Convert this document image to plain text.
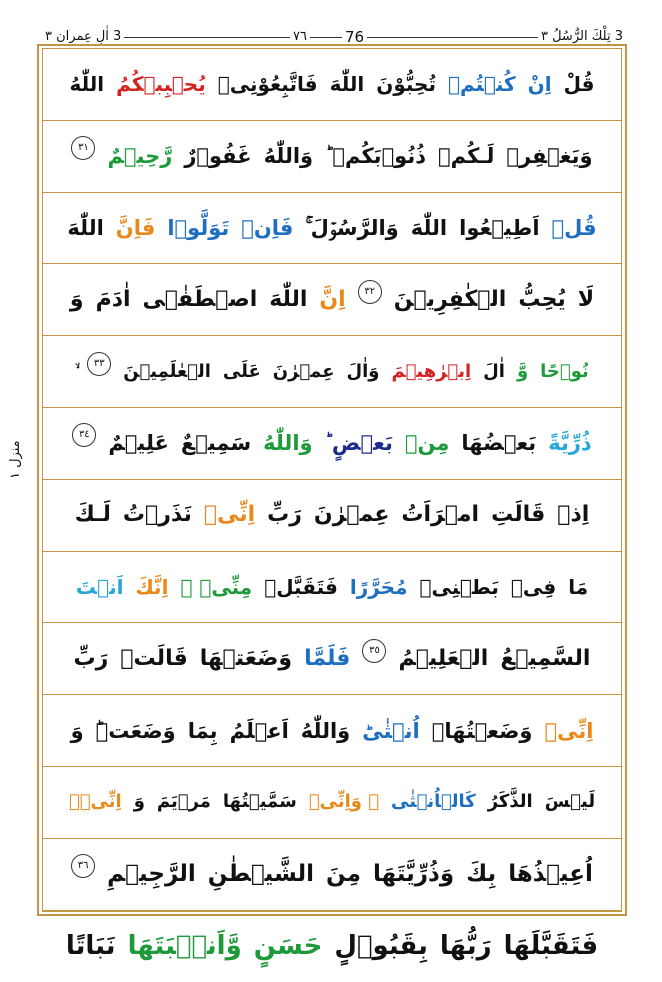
3 اٰلِ عِمران ٣	٧٦	76	3 تِلْكَ الرُّسُلُ ٣
منزل ١
قُلْ
اِنْ
كُنۡتُمۡ
تُحِبُّوْنَ
اللّٰهَ
فَاتَّبِعُوْنِىۡ
يُحۡبِبۡكُمُ
اللّٰهُ
وَيَغۡفِرۡ
لَـكُمۡ
ذُنُوۡبَكُمۡ ؕ
وَاللّٰهُ
غَفُوۡرٌ
رَّحِيۡمٌ
٣١
قُلۡ
اَطِيۡعُوا
اللّٰهَ
وَالرَّسُوۡلَ ۚ
فَاِنۡ
تَوَلَّوۡا
فَاِنَّ
اللّٰهَ
لَا
يُحِبُّ
الۡكٰفِرِيۡنَ
٣٢
اِنَّ
اللّٰهَ
اصۡطَفٰۤى
اٰدَمَ
وَ
نُوۡحًا
وَّ
اٰلَ
اِبۡرٰهِيۡمَ
وَاٰلَ
عِمۡرٰنَ
عَلَى
الۡعٰلَمِيۡنَ
٣٣
ذُرِّيَّةً
بَعۡضُهَا
مِنۡ
بَعۡضٍ ؕ
وَاللّٰهُ
سَمِيۡعٌ
عَلِيۡمٌ
٣٤
اِذۡ
قَالَتِ
امۡرَاَتُ
عِمۡرٰنَ
رَبِّ
اِنِّىۡ
نَذَرۡتُ
لَـكَ
مَا
فِىۡ
بَطۡنِىۡ
مُحَرَّرًا
فَتَقَبَّلۡ
مِنِّىۡ ۚ
اِنَّكَ
اَنۡتَ
السَّمِيۡعُ
الۡعَلِيۡمُ
٣٥
فَلَمَّا
وَضَعَتۡهَا
قَالَتۡ
رَبِّ
اِنِّىۡ
وَضَعۡتُهَاۤ
اُنۡثٰىؕ
وَاللّٰهُ
اَعۡلَمُ
بِمَا
وَضَعَتۡؕ
وَ
لَيۡسَ
الذَّكَرُ
كَالۡاُنۡثٰى
ۚ وَاِنِّىۡ
سَمَّيۡتُهَا
مَرۡيَمَ
وَ
اِنِّىۡۤ
اُعِيۡذُهَا
بِكَ
وَذُرِّيَّتَهَا
مِنَ
الشَّيۡطٰنِ
الرَّجِيۡمِ
٣٦
فَتَقَبَّلَهَا
رَبُّهَا
بِقَبُوۡلٍ
حَسَنٍ
وَّاَنۡۢبَتَهَا
نَبَاتًا
